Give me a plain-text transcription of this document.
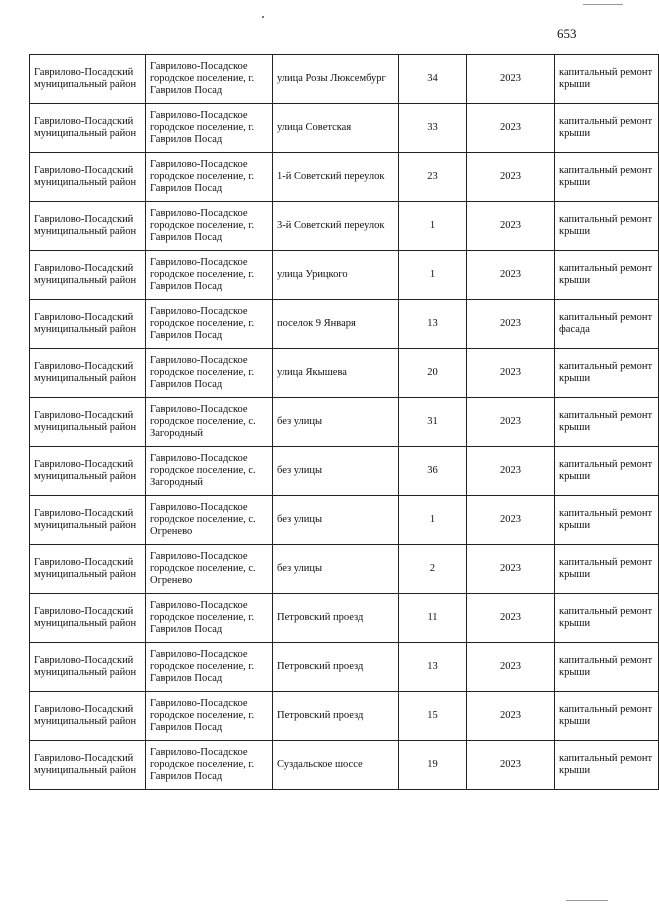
653
Гаврилово-Посадский муниципальный район	Гаврилово-Посадское городское поселение, г. Гаврилов Посад	улица Розы Люксембург	34	2023	капитальный ремонт крыши
Гаврилово-Посадский муниципальный район	Гаврилово-Посадское городское поселение, г. Гаврилов Посад	улица Советская	33	2023	капитальный ремонт крыши
Гаврилово-Посадский муниципальный район	Гаврилово-Посадское городское поселение, г. Гаврилов Посад	1-й Советский переулок	23	2023	капитальный ремонт крыши
Гаврилово-Посадский муниципальный район	Гаврилово-Посадское городское поселение, г. Гаврилов Посад	3-й Советский переулок	1	2023	капитальный ремонт крыши
Гаврилово-Посадский муниципальный район	Гаврилово-Посадское городское поселение, г. Гаврилов Посад	улица Урицкого	1	2023	капитальный ремонт крыши
Гаврилово-Посадский муниципальный район	Гаврилово-Посадское городское поселение, г. Гаврилов Посад	поселок 9 Января	13	2023	капитальный ремонт фасада
Гаврилово-Посадский муниципальный район	Гаврилово-Посадское городское поселение, г. Гаврилов Посад	улица Якышева	20	2023	капитальный ремонт крыши
Гаврилово-Посадский муниципальный район	Гаврилово-Посадское городское поселение, с. Загородный	без улицы	31	2023	капитальный ремонт крыши
Гаврилово-Посадский муниципальный район	Гаврилово-Посадское городское поселение, с. Загородный	без улицы	36	2023	капитальный ремонт крыши
Гаврилово-Посадский муниципальный район	Гаврилово-Посадское городское поселение, с. Огренево	без улицы	1	2023	капитальный ремонт крыши
Гаврилово-Посадский муниципальный район	Гаврилово-Посадское городское поселение, с. Огренево	без улицы	2	2023	капитальный ремонт крыши
Гаврилово-Посадский муниципальный район	Гаврилово-Посадское городское поселение, г. Гаврилов Посад	Петровский проезд	11	2023	капитальный ремонт крыши
Гаврилово-Посадский муниципальный район	Гаврилово-Посадское городское поселение, г. Гаврилов Посад	Петровский проезд	13	2023	капитальный ремонт крыши
Гаврилово-Посадский муниципальный район	Гаврилово-Посадское городское поселение, г. Гаврилов Посад	Петровский проезд	15	2023	капитальный ремонт крыши
Гаврилово-Посадский муниципальный район	Гаврилово-Посадское городское поселение, г. Гаврилов Посад	Суздальское шоссе	19	2023	капитальный ремонт крыши
